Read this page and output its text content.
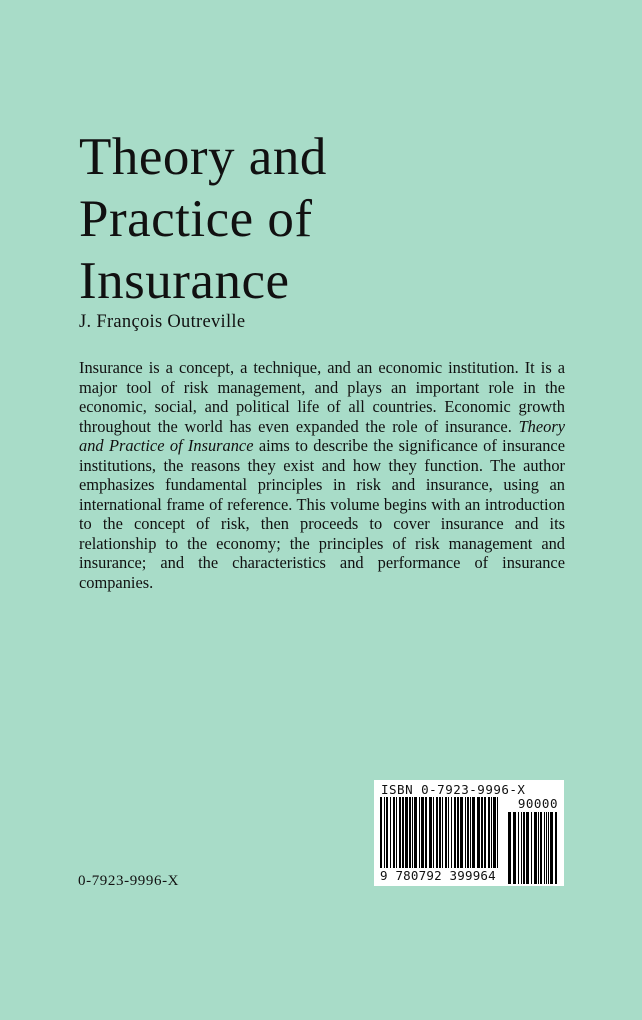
Theory and
Practice of
Insurance
J. François Outreville

Insurance is a concept, a technique, and an economic institution. It is a major tool of risk management, and plays an important role in the economic, social, and political life of all countries. Economic growth throughout the world has even expanded the role of insurance. Theory and Practice of Insurance aims to describe the significance of insurance institutions, the reasons they exist and how they function. The author emphasizes fundamental principles in risk and insurance, using an international frame of reference. This volume begins with an introduction to the concept of risk, then proceeds to cover insurance and its relationship to the economy; the principles of risk management and insurance; and the characteristics and performance of insurance companies.

0-7923-9996-X
ISBN 0-7923-9996-X
90000
9 780792 399964
